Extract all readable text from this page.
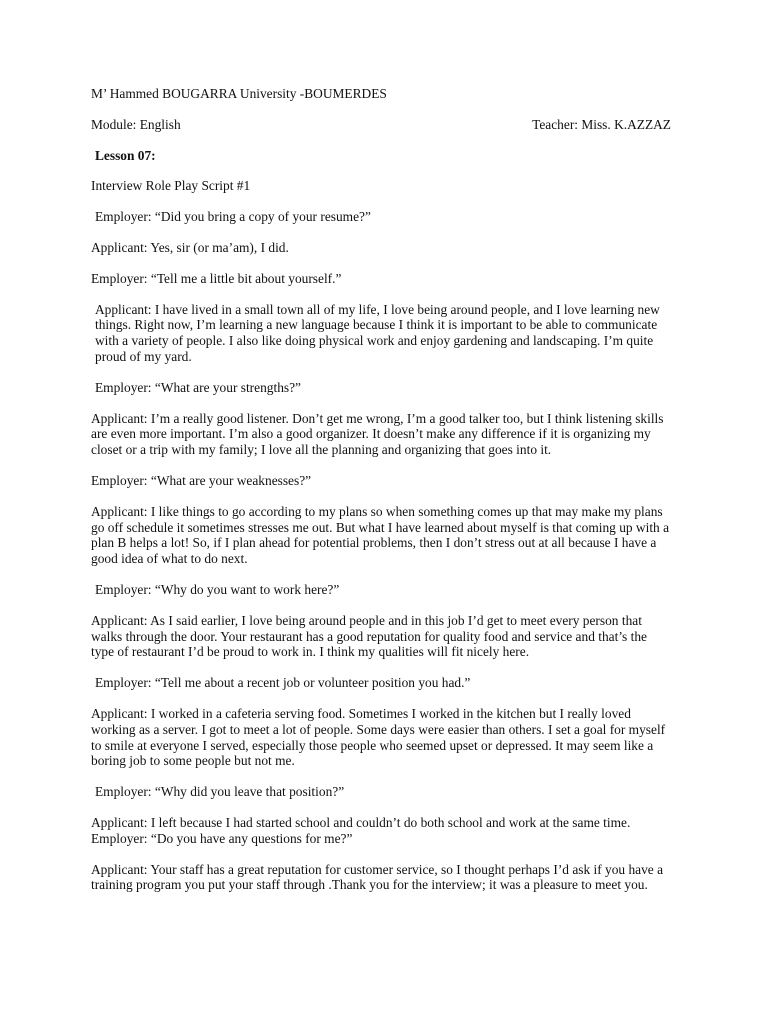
M’ Hammed BOUGARRA University -BOUMERDES
Module: English	Teacher: Miss. K.AZZAZ
Lesson 07:
Interview Role Play Script #1

Employer: “Did you bring a copy of your resume?”

Applicant: Yes, sir (or ma’am), I did.

Employer: “Tell me a little bit about yourself.”

Applicant: I have lived in a small town all of my life, I love being around people, and I love learning new things. Right now, I’m learning a new language because I think it is important to be able to communicate with a variety of people. I also like doing physical work and enjoy gardening and landscaping. I’m quite proud of my yard.

Employer: “What are your strengths?”

Applicant: I’m a really good listener. Don’t get me wrong, I’m a good talker too, but I think listening skills are even more important. I’m also a good organizer. It doesn’t make any difference if it is organizing my closet or a trip with my family; I love all the planning and organizing that goes into it.

Employer: “What are your weaknesses?”

Applicant: I like things to go according to my plans so when something comes up that may make my plans go off schedule it sometimes stresses me out. But what I have learned about myself is that coming up with a plan B helps a lot! So, if I plan ahead for potential problems, then I don’t stress out at all because I have a good idea of what to do next.

Employer: “Why do you want to work here?”

Applicant: As I said earlier, I love being around people and in this job I’d get to meet every person that walks through the door. Your restaurant has a good reputation for quality food and service and that’s the type of restaurant I’d be proud to work in. I think my qualities will fit nicely here.

Employer: “Tell me about a recent job or volunteer position you had.”

Applicant: I worked in a cafeteria serving food. Sometimes I worked in the kitchen but I really loved working as a server. I got to meet a lot of people. Some days were easier than others. I set a goal for myself to smile at everyone I served, especially those people who seemed upset or depressed. It may seem like a boring job to some people but not me.

Employer: “Why did you leave that position?”

Applicant: I left because I had started school and couldn’t do both school and work at the same time.

Employer: “Do you have any questions for me?”

Applicant: Your staff has a great reputation for customer service, so I thought perhaps I’d ask if you have a training program you put your staff through .Thank you for the interview; it was a pleasure to meet you.
